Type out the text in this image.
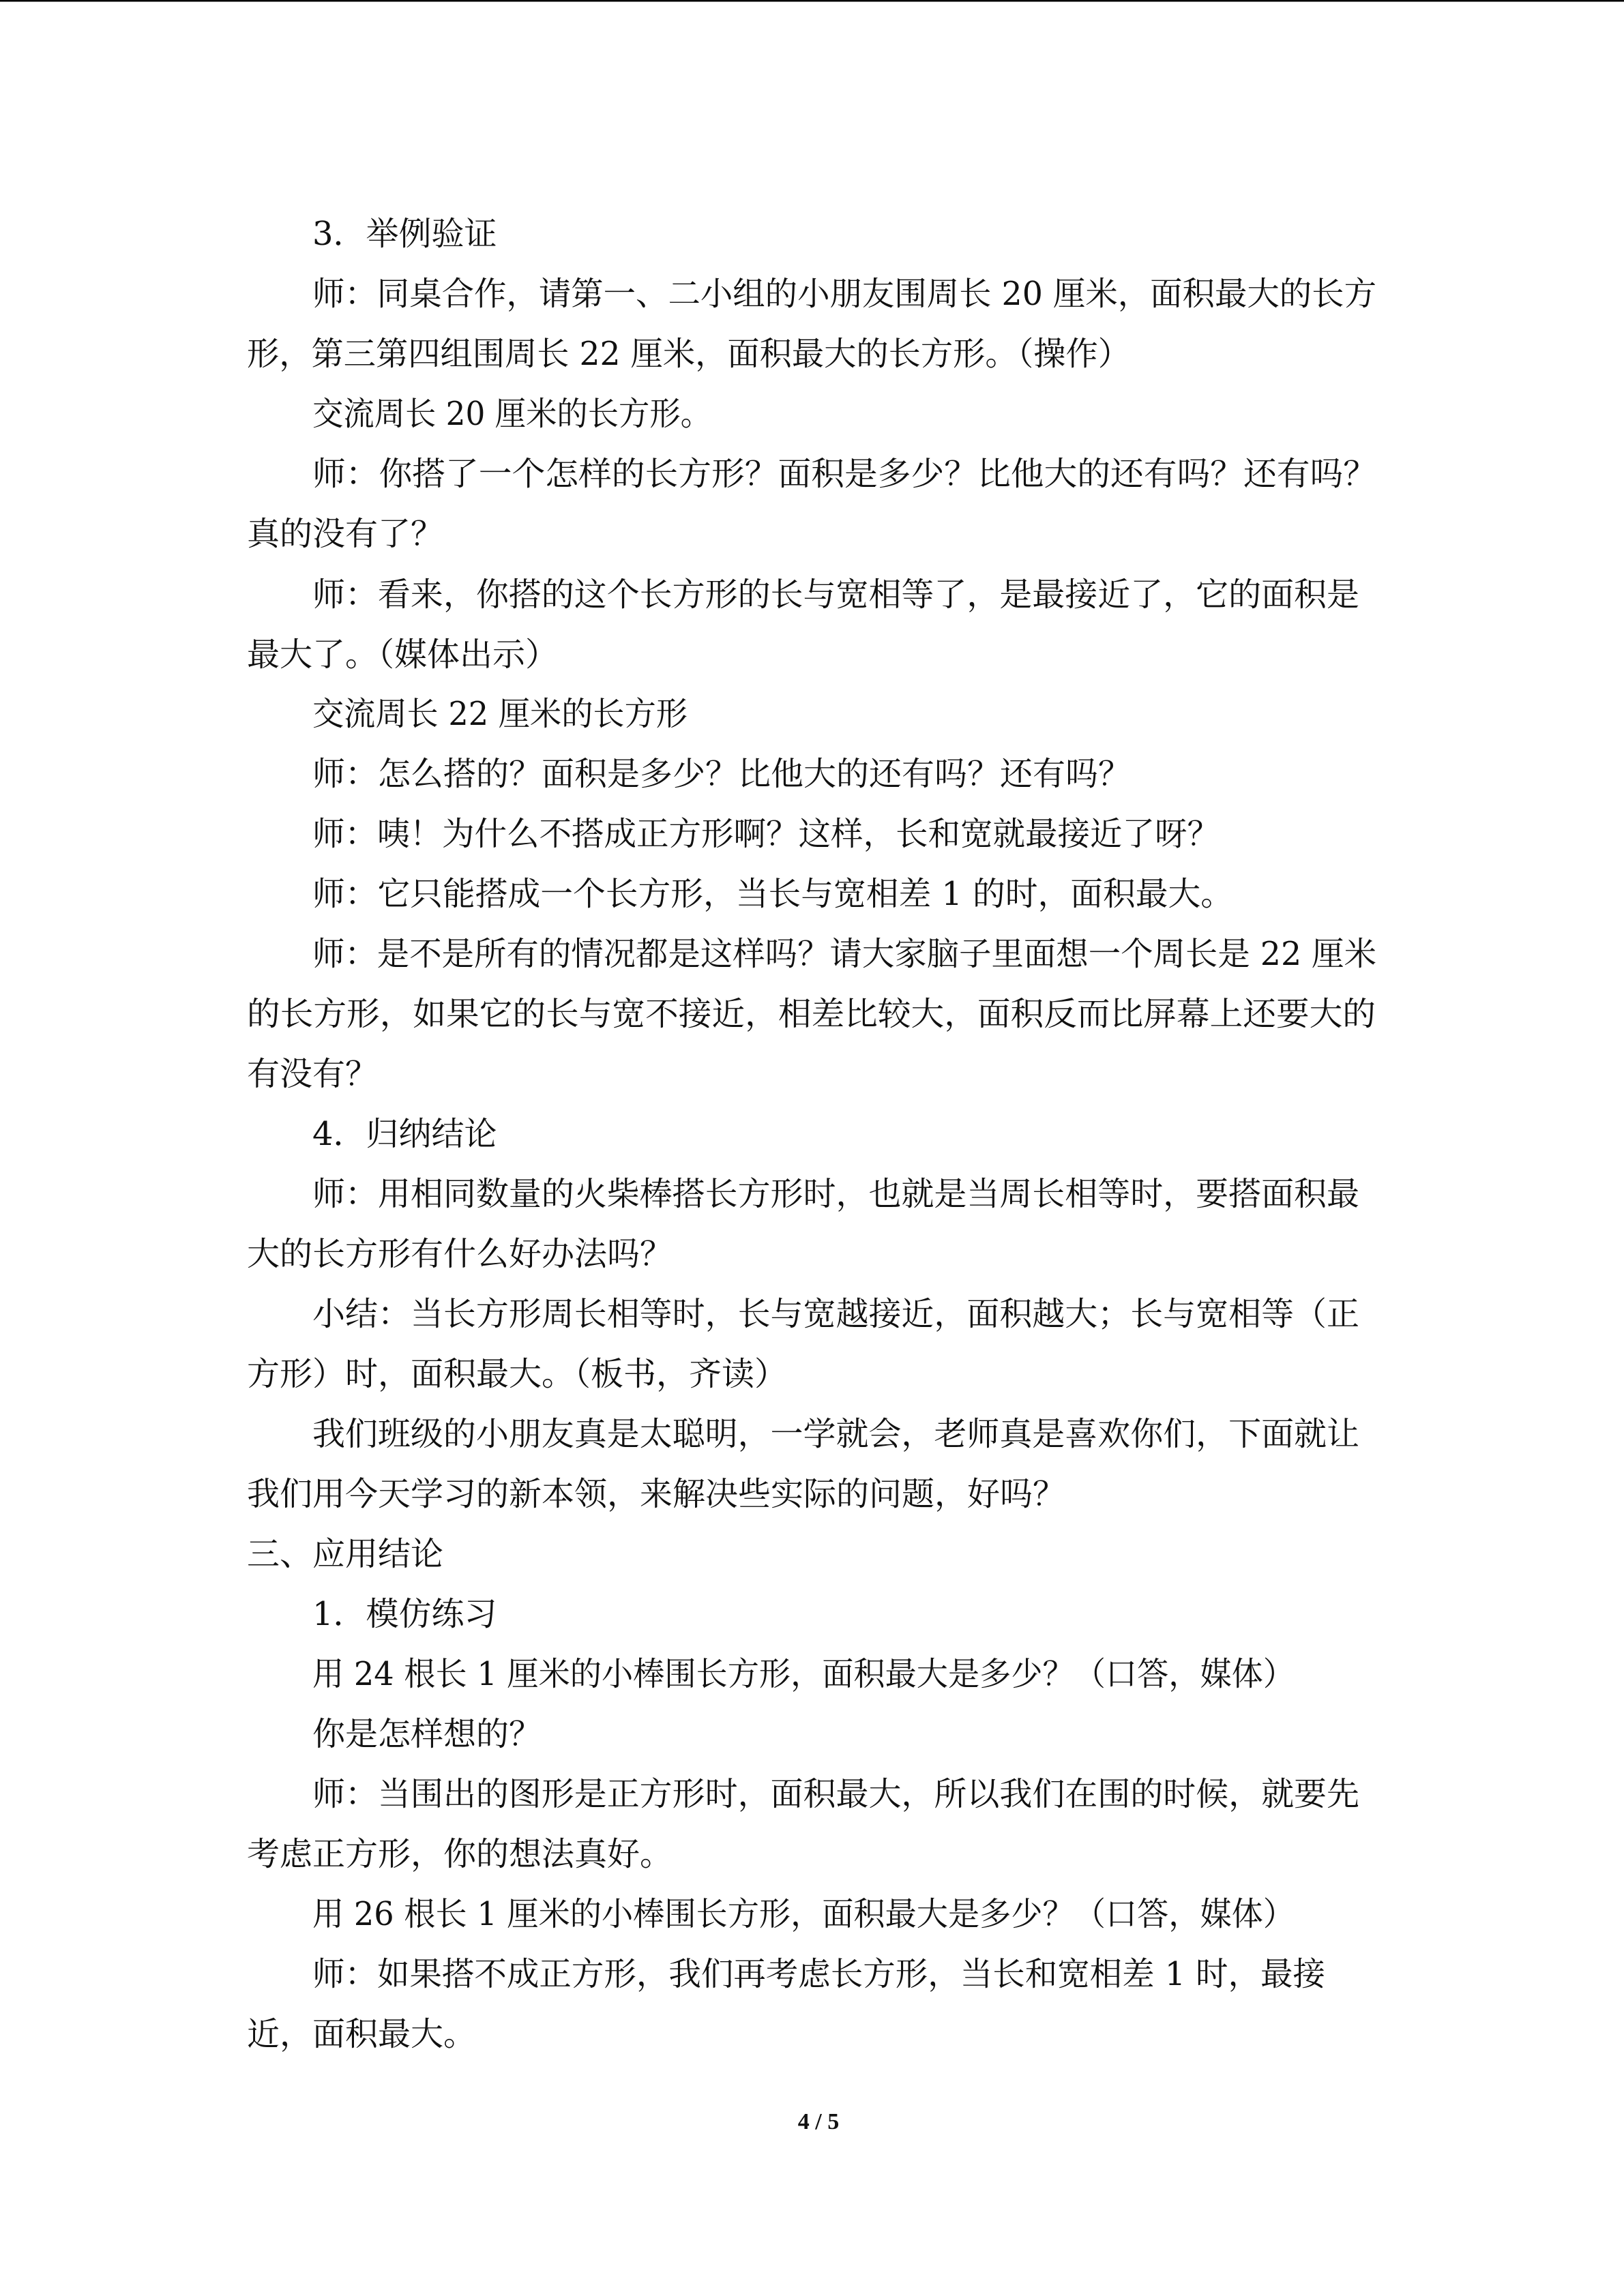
3．举例验证
师：同桌合作，请第一、二小组的小朋友围周长 20 厘米，面积最大的长方
形，第三第四组围周长 22 厘米，面积最大的长方形。（操作）
交流周长 20 厘米的长方形。
师：你搭了一个怎样的长方形？面积是多少？比他大的还有吗？还有吗？
真的没有了？
师：看来，你搭的这个长方形的长与宽相等了，是最接近了，它的面积是
最大了。（媒体出示）
交流周长 22 厘米的长方形
师：怎么搭的？面积是多少？比他大的还有吗？还有吗？
师：咦！为什么不搭成正方形啊？这样，长和宽就最接近了呀？
师：它只能搭成一个长方形，当长与宽相差 1 的时，面积最大。
师：是不是所有的情况都是这样吗？请大家脑子里面想一个周长是 22 厘米
的长方形，如果它的长与宽不接近，相差比较大，面积反而比屏幕上还要大的
有没有？
4．归纳结论
师：用相同数量的火柴棒搭长方形时，也就是当周长相等时，要搭面积最
大的长方形有什么好办法吗？
小结：当长方形周长相等时，长与宽越接近，面积越大；长与宽相等（正
方形）时，面积最大。（板书，齐读）
我们班级的小朋友真是太聪明，一学就会，老师真是喜欢你们，下面就让
我们用今天学习的新本领，来解决些实际的问题，好吗？
三、应用结论
1．模仿练习
用 24 根长 1 厘米的小棒围长方形，面积最大是多少？（口答，媒体）
你是怎样想的？
师：当围出的图形是正方形时，面积最大，所以我们在围的时候，就要先
考虑正方形，你的想法真好。
用 26 根长 1 厘米的小棒围长方形，面积最大是多少？（口答，媒体）
师：如果搭不成正方形，我们再考虑长方形，当长和宽相差 1 时，最接
近，面积最大。
4 / 5
